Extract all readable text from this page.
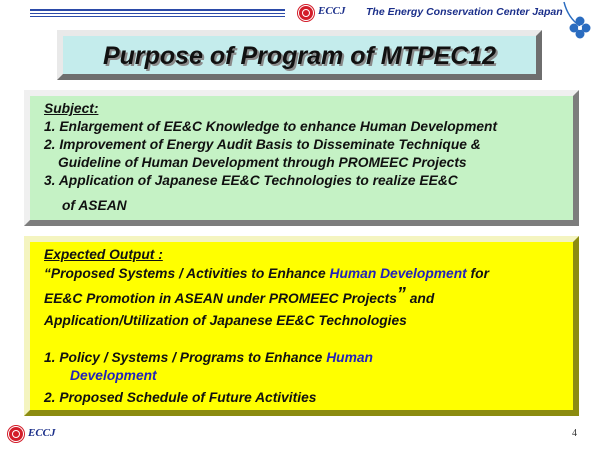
ECCJ The Energy Conservation Center Japan
Purpose of Program of MTPEC12
Subject:
1. Enlargement of EE&C Knowledge to enhance Human Development
2. Improvement of Energy Audit Basis to Disseminate Technique &
Guideline of Human Development through PROMEEC Projects
3. Application of Japanese EE&C Technologies to realize EE&C
of ASEAN
Expected Output :
“Proposed Systems / Activities to Enhance Human Development for
EE&C Promotion in ASEAN under PROMEEC Projects” and
Application/Utilization of Japanese EE&C Technologies
1. Policy / Systems / Programs to Enhance Human
Development
2. Proposed Schedule of Future Activities
ECCJ	4
